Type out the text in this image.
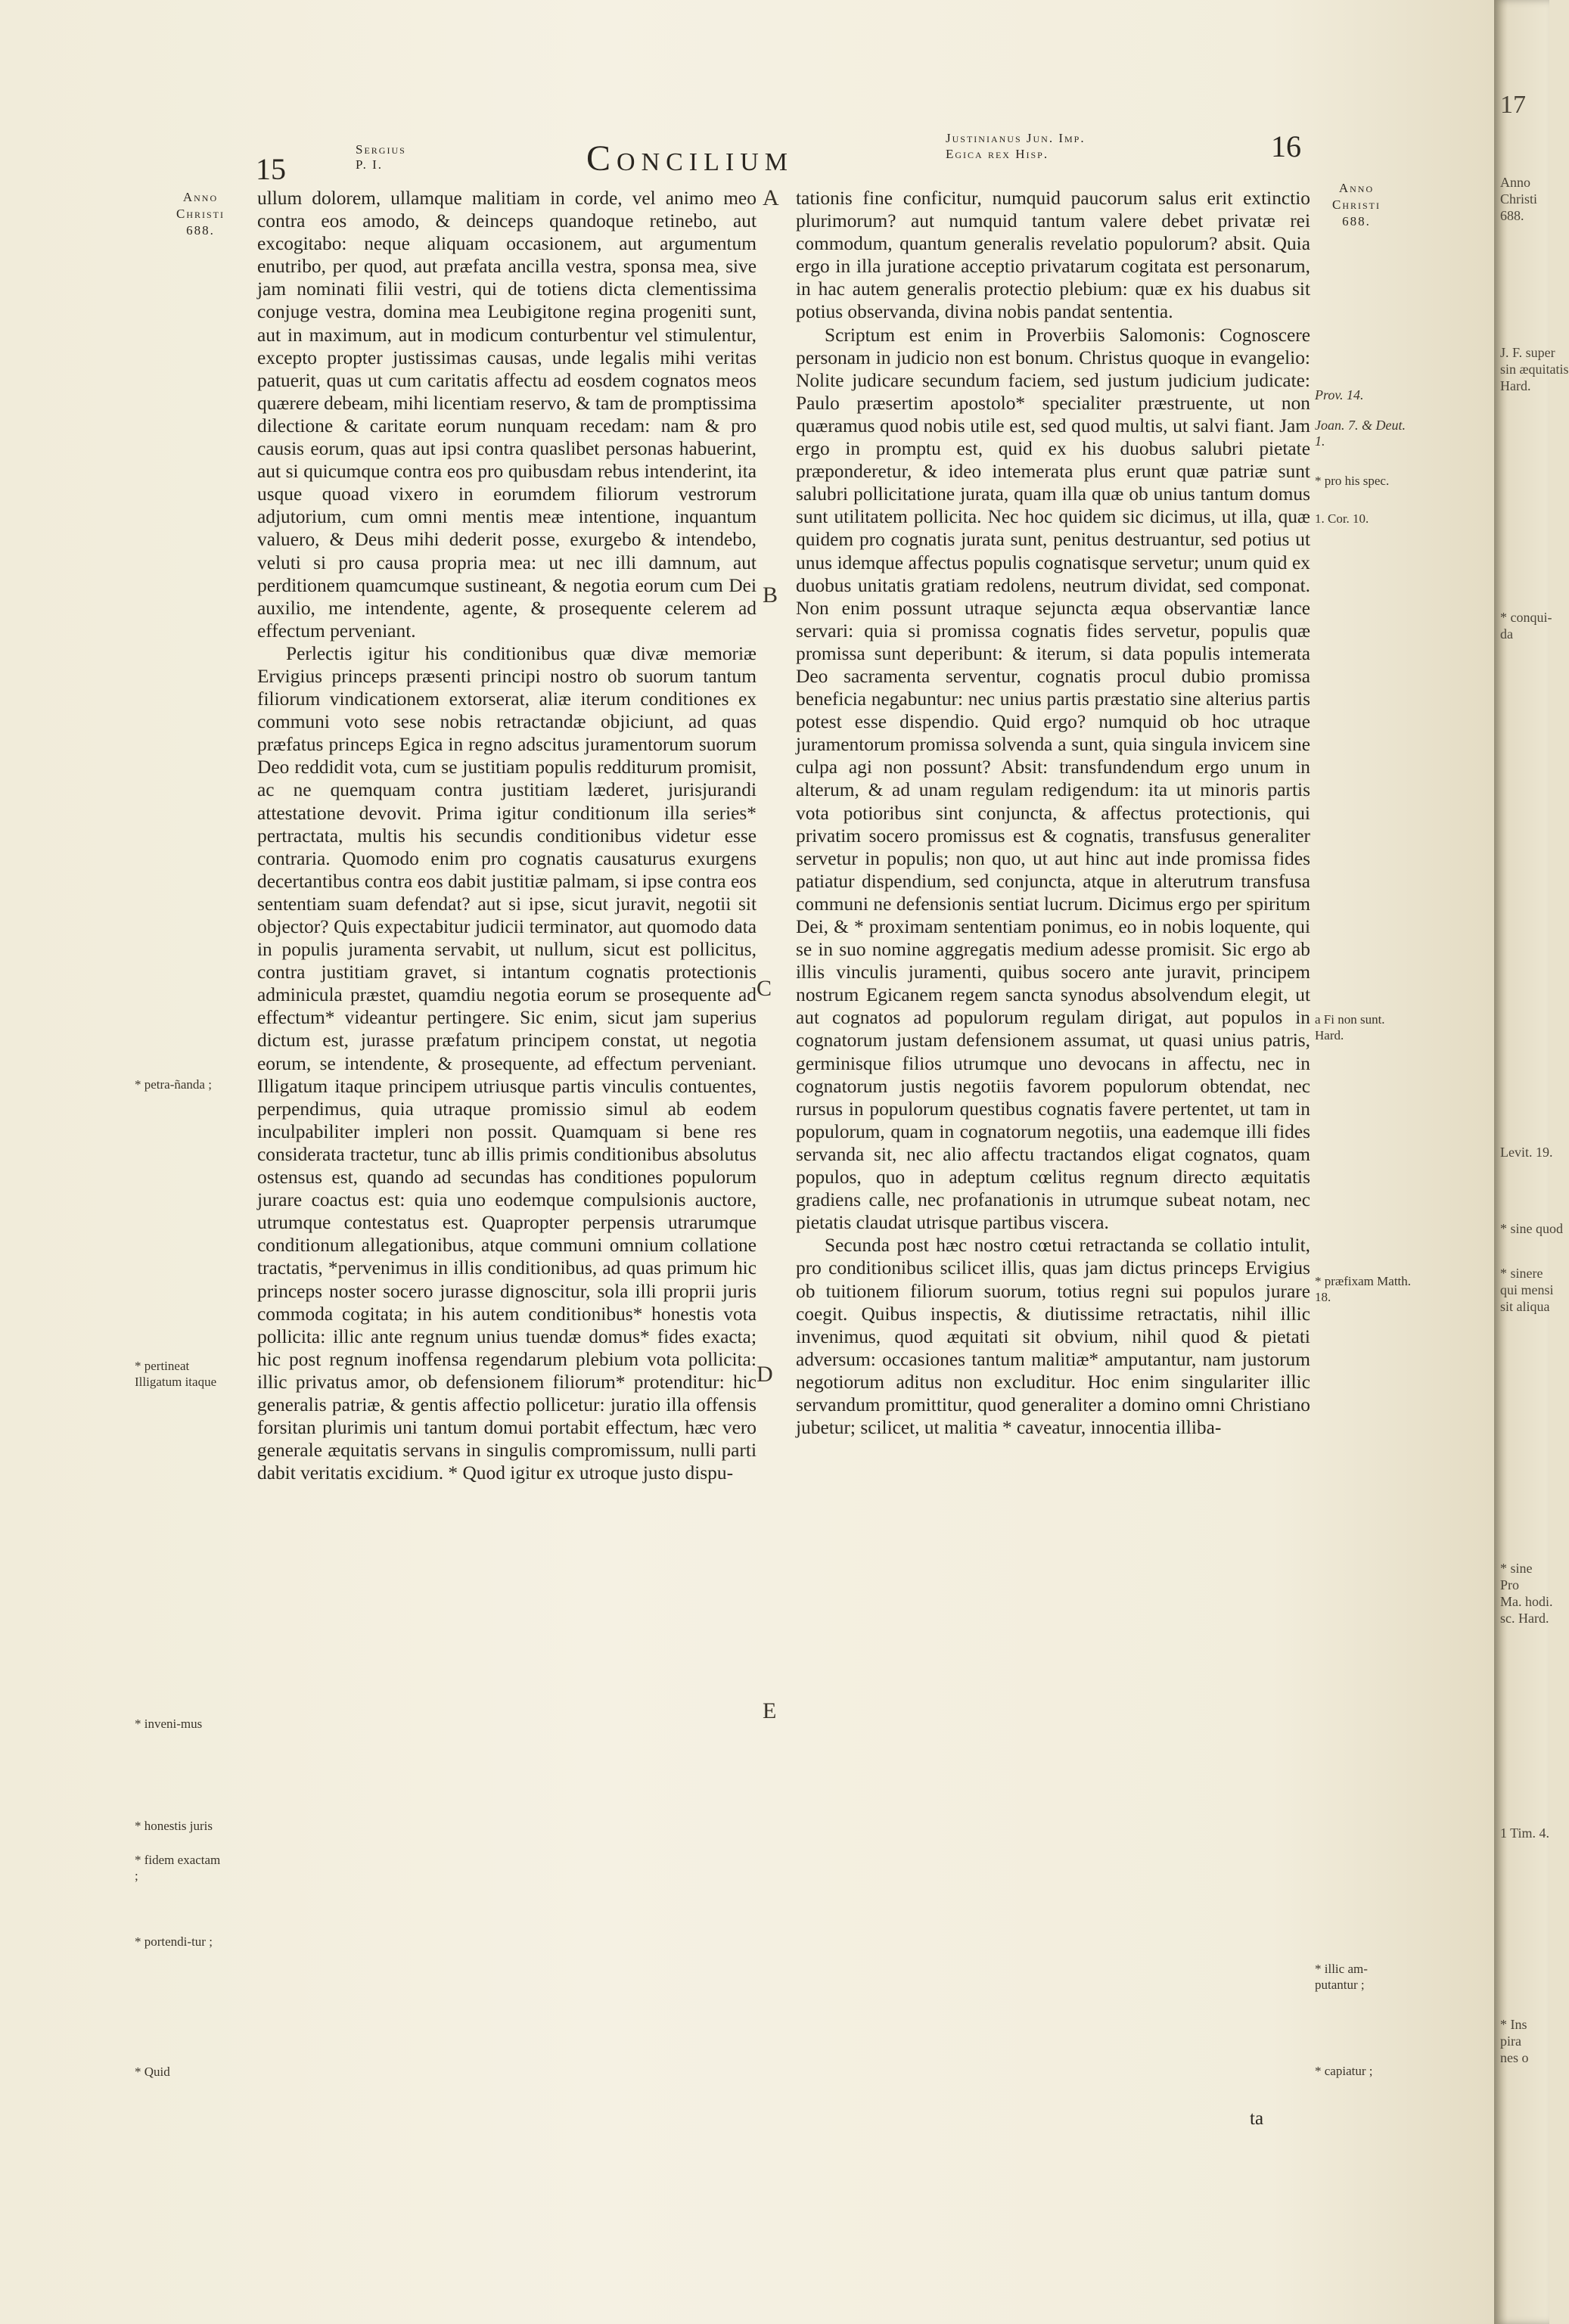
15
Sergius
P. I.	Concilium
Justinianus Jun. Imp.
Egica rex Hisp.	16
Anno
Christi
688.
* petra-ñanda ;
* pertineat Illigatum itaque
* inveni-mus
* honestis juris
* fidem exactam ;
* portendi-tur ;
* Quid
A
B
C
D
E

ullum dolorem, ullamque malitiam in corde, vel animo meo contra eos amodo, & deinceps quandoque retinebo, aut excogitabo: neque aliquam occasionem, aut argumentum enutribo, per quod, aut præfata ancilla vestra, sponsa mea, sive jam nominati filii vestri, qui de totiens dicta clementissima conjuge vestra, domina mea Leubigitone regina progeniti sunt, aut in maximum, aut in modicum conturbentur vel stimulentur, excepto propter justissimas causas, unde legalis mihi veritas patuerit, quas ut cum caritatis affectu ad eosdem cognatos meos quærere debeam, mihi licentiam reservo, & tam de promptissima dilectione & caritate eorum nunquam recedam: nam & pro causis eorum, quas aut ipsi contra quaslibet personas habuerint, aut si quicumque contra eos pro quibusdam rebus intenderint, ita usque quoad vixero in eorumdem filiorum vestrorum adjutorium, cum omni mentis meæ intentione, inquantum valuero, & Deus mihi dederit posse, exurgebo & intendebo, veluti si pro causa propria mea: ut nec illi damnum, aut perditionem quamcumque sustineant, & negotia eorum cum Dei auxilio, me intendente, agente, & prosequente celerem ad effectum perveniant.

Perlectis igitur his conditionibus quæ divæ memoriæ Ervigius princeps præsenti principi nostro ob suorum tantum filiorum vindicationem extorserat, aliæ iterum conditiones ex communi voto sese nobis retractandæ objiciunt, ad quas præfatus princeps Egica in regno adscitus juramentorum suorum Deo reddidit vota, cum se justitiam populis redditurum promisit, ac ne quemquam contra justitiam læderet, jurisjurandi attestatione devovit. Prima igitur conditionum illa series* pertractata, multis his secundis conditionibus videtur esse contraria. Quomodo enim pro cognatis causaturus exurgens decertantibus contra eos dabit justitiæ palmam, si ipse contra eos sententiam suam defendat? aut si ipse, sicut juravit, negotii sit objector? Quis expectabitur judicii terminator, aut quomodo data in populis juramenta servabit, ut nullum, sicut est pollicitus, contra justitiam gravet, si intantum cognatis protectionis adminicula præstet, quamdiu negotia eorum se prosequente ad effectum* videantur pertingere. Sic enim, sicut jam superius dictum est, jurasse præfatum principem constat, ut negotia eorum, se intendente, & prosequente, ad effectum perveniant. Illigatum itaque principem utriusque partis vinculis contuentes, perpendimus, quia utraque promissio simul ab eodem inculpabiliter impleri non possit. Quamquam si bene res considerata tractetur, tunc ab illis primis conditionibus absolutus ostensus est, quando ad secundas has conditiones populorum jurare coactus est: quia uno eodemque compulsionis auctore, utrumque contestatus est. Quapropter perpensis utrarumque conditionum allegationibus, atque communi omnium collatione tractatis, *pervenimus in illis conditionibus, ad quas primum hic princeps noster socero jurasse dignoscitur, sola illi proprii juris commoda cogitata; in his autem conditionibus* honestis vota pollicita: illic ante regnum unius tuendæ domus* fides exacta; hic post regnum inoffensa regendarum plebium vota pollicita: illic privatus amor, ob defensionem filiorum* protenditur: hic generalis patriæ, & gentis affectio pollicetur: juratio illa offensis forsitan plurimis uni tantum domui portabit effectum, hæc vero generale æquitatis servans in singulis compromissum, nulli parti dabit veritatis excidium. * Quod igitur ex utroque justo dispu-

tationis fine conficitur, numquid paucorum salus erit extinctio plurimorum? aut numquid tantum valere debet privatæ rei commodum, quantum generalis revelatio populorum? absit. Quia ergo in illa juratione acceptio privatarum cogitata est personarum, in hac autem generalis protectio plebium: quæ ex his duabus sit potius observanda, divina nobis pandat sententia.

Scriptum est enim in Proverbiis Salomonis: Cognoscere personam in judicio non est bonum. Christus quoque in evangelio: Nolite judicare secundum faciem, sed justum judicium judicate: Paulo præsertim apostolo* specialiter præstruente, ut non quæramus quod nobis utile est, sed quod multis, ut salvi fiant. Jam ergo in promptu est, quid ex his duobus salubri pietate præponderetur, & ideo intemerata plus erunt quæ patriæ sunt salubri pollicitatione jurata, quam illa quæ ob unius tantum domus sunt utilitatem pollicita. Nec hoc quidem sic dicimus, ut illa, quæ quidem pro cognatis jurata sunt, penitus destruantur, sed potius ut unus idemque affectus populis cognatisque servetur; unum quid ex duobus unitatis gratiam redolens, neutrum dividat, sed componat. Non enim possunt utraque sejuncta æqua observantiæ lance servari: quia si promissa cognatis fides servetur, populis quæ promissa sunt deperibunt: & iterum, si data populis intemerata Deo sacramenta serventur, cognatis procul dubio promissa beneficia negabuntur: nec unius partis præstatio sine alterius partis potest esse dispendio. Quid ergo? numquid ob hoc utraque juramentorum promissa solvenda a sunt, quia singula invicem sine culpa agi non possunt? Absit: transfundendum ergo unum in alterum, & ad unam regulam redigendum: ita ut minoris partis vota potioribus sint conjuncta, & affectus protectionis, qui privatim socero promissus est & cognatis, transfusus generaliter servetur in populis; non quo, ut aut hinc aut inde promissa fides patiatur dispendium, sed conjuncta, atque in alterutrum transfusa communi ne defensionis sentiat lucrum. Dicimus ergo per spiritum Dei, & * proximam sententiam ponimus, eo in nobis loquente, qui se in suo nomine aggregatis medium adesse promisit. Sic ergo ab illis vinculis juramenti, quibus socero ante juravit, principem nostrum Egicanem regem sancta synodus absolvendum elegit, ut aut cognatos ad populorum regulam dirigat, aut populos in cognatorum justam defensionem assumat, ut quasi unius patris, germinisque filios utrumque uno devocans in affectu, nec in cognatorum justis negotiis favorem populorum obtendat, nec rursus in populorum questibus cognatis favere pertentet, ut tam in populorum, quam in cognatorum negotiis, una eademque illi fides servanda sit, nec alio affectu tractandos eligat cognatos, quam populos, quo in adeptum cœlitus regnum directo æquitatis gradiens calle, nec profanationis in utrumque subeat notam, nec pietatis claudat utrisque partibus viscera.

Secunda post hæc nostro cœtui retractanda se collatio intulit, pro conditionibus scilicet illis, quas jam dictus princeps Ervigius ob tuitionem filiorum suorum, totius regni sui populos jurare coegit. Quibus inspectis, & diutissime retractatis, nihil illic invenimus, quod æquitati sit obvium, nihil quod & pietati adversum: occasiones tantum malitiæ* amputantur, nam justorum negotiorum aditus non excluditur. Hoc enim singulariter illic servandum promittitur, quod generaliter a domino omni Christiano jubetur; scilicet, ut malitia * caveatur, innocentia illiba-

ta
Anno
Christi
688.
Prov. 14.
Joan. 7. & Deut. 1.
* pro his spec.
1. Cor. 10.
a Fi non sunt. Hard.
* præfixam Matth. 18.
* illic am-putantur ;
* capiatur ;
17
Anno
Christi
688.
J. F. super
sin æquitatis
Hard.
* conqui-
da
Levit. 19.
* sine quod
* sinere
qui mensi
sit aliqua
* sine
Pro
Ma. hodi.
sc. Hard.
1 Tim. 4.
* Ins
pira
nes o
